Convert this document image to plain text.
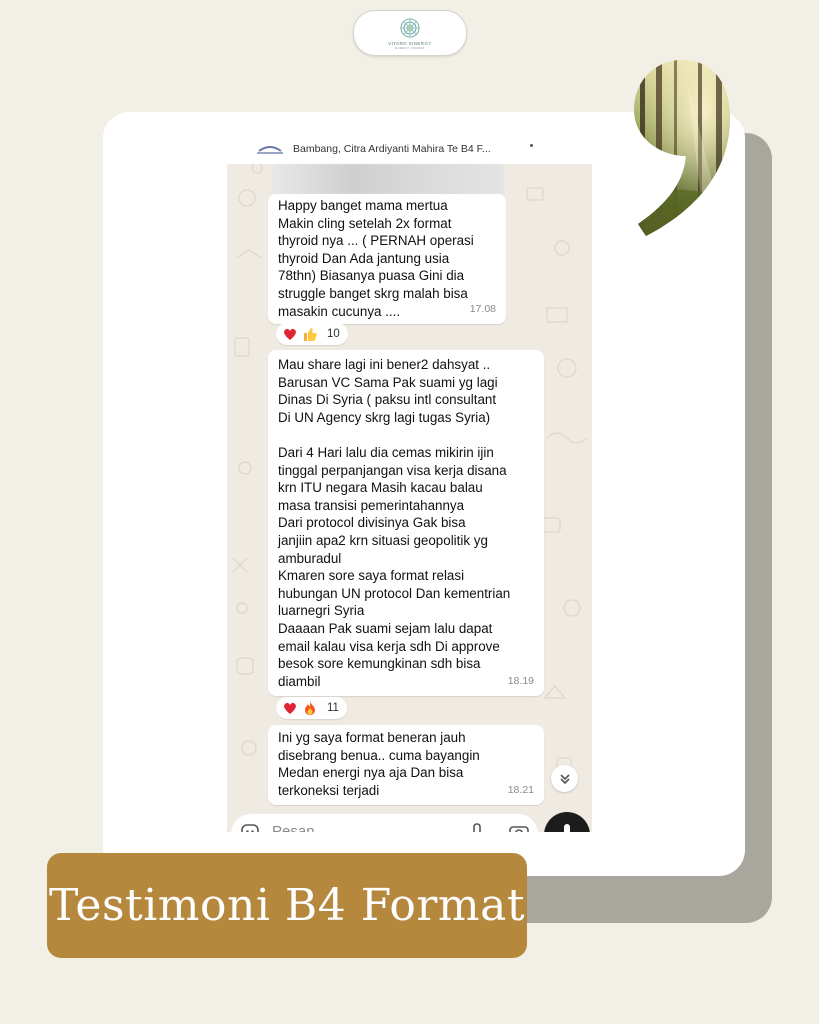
VITARO SINERGY
ENERGY FORMAT
Bambang, Citra Ardiyanti Mahira Te B4 F...

Happy banget mama mertua
Makin cling setelah 2x format
thyroid nya ... ( PERNAH operasi
thyroid Dan Ada jantung usia
78thn) Biasanya puasa Gini dia
struggle banget skrg malah bisa
masakin cucunya ....	17.08
10

Mau share lagi ini bener2 dahsyat ..
Barusan VC Sama Pak suami yg lagi
Dinas Di Syria ( paksu intl consultant
Di UN Agency skrg lagi tugas Syria)

Dari 4 Hari lalu dia cemas mikirin ijin
tinggal perpanjangan visa kerja disana
krn ITU negara Masih kacau balau
masa transisi pemerintahannya
Dari protocol divisinya Gak bisa
janjiin apa2 krn situasi geopolitik yg
amburadul
Kmaren sore saya format relasi
hubungan UN protocol Dan kementrian
luarnegri Syria
Daaaan Pak suami sejam lalu dapat
email kalau visa kerja sdh Di approve
besok sore kemungkinan sdh bisa
diambil	18.19
11

Ini yg saya format beneran jauh
disebrang benua.. cuma bayangin
Medan energi nya aja Dan bisa
terkoneksi terjadi	18.21
Testimoni B4 Format
